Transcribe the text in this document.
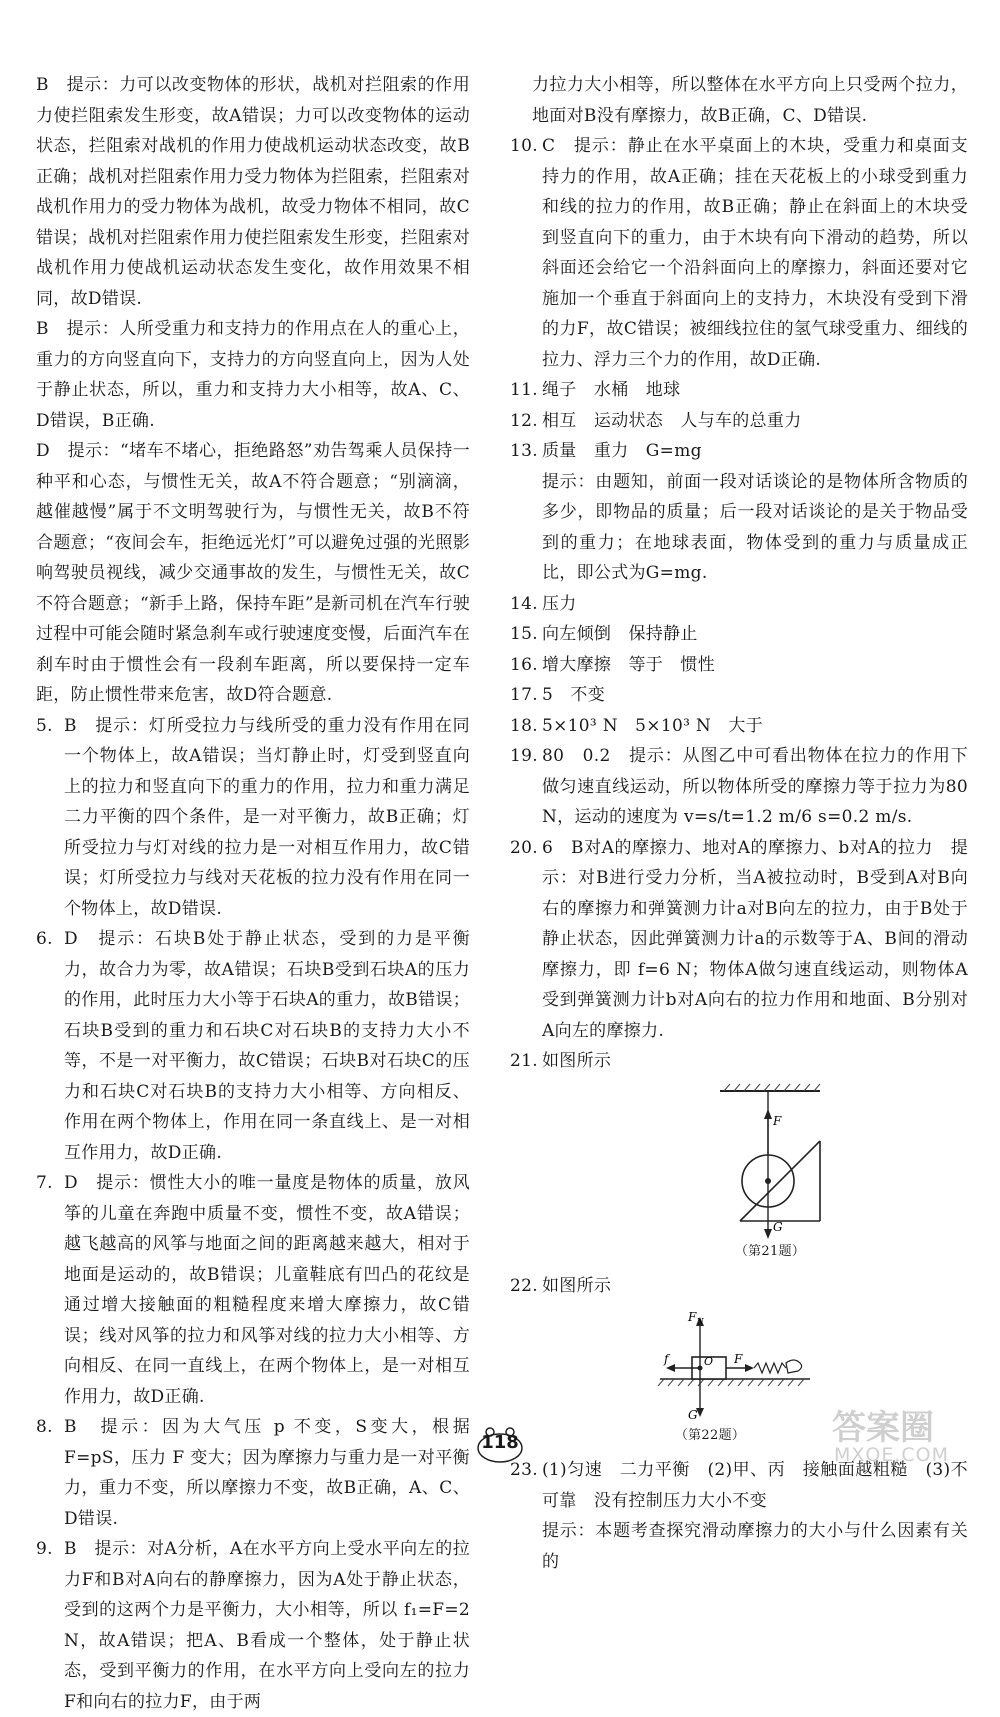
B　提示：力可以改变物体的形状，战机对拦阻索的作用力使拦阻索发生形变，故A错误；力可以改变物体的运动状态，拦阻索对战机的作用力使战机运动状态改变，故B正确；战机对拦阻索作用力受力物体为拦阻索，拦阻索对战机作用力的受力物体为战机，故受力物体不相同，故C错误；战机对拦阻索作用力使拦阻索发生形变，拦阻索对战机作用力使战机运动状态发生变化，故作用效果不相同，故D错误.
B　提示：人所受重力和支持力的作用点在人的重心上，重力的方向竖直向下，支持力的方向竖直向上，因为人处于静止状态，所以，重力和支持力大小相等，故A、C、D错误，B正确.
D　提示：“堵车不堵心，拒绝路怒”劝告驾乘人员保持一种平和心态，与惯性无关，故A不符合题意；“别滴滴，越催越慢”属于不文明驾驶行为，与惯性无关，故B不符合题意；“夜间会车，拒绝远光灯”可以避免过强的光照影响驾驶员视线，减少交通事故的发生，与惯性无关，故C不符合题意；“新手上路，保持车距”是新司机在汽车行驶过程中可能会随时紧急刹车或行驶速度变慢，后面汽车在刹车时由于惯性会有一段刹车距离，所以要保持一定车距，防止惯性带来危害，故D符合题意.
5. B　提示：灯所受拉力与线所受的重力没有作用在同一个物体上，故A错误；当灯静止时，灯受到竖直向上的拉力和竖直向下的重力的作用，拉力和重力满足二力平衡的四个条件，是一对平衡力，故B正确；灯所受拉力与灯对线的拉力是一对相互作用力，故C错误；灯所受拉力与线对天花板的拉力没有作用在同一个物体上，故D错误.
6. D　提示：石块B处于静止状态，受到的力是平衡力，故合力为零，故A错误；石块B受到石块A的压力的作用，此时压力大小等于石块A的重力，故B错误；石块B受到的重力和石块C对石块B的支持力大小不等，不是一对平衡力，故C错误；石块B对石块C的压力和石块C对石块B的支持力大小相等、方向相反、作用在两个物体上，作用在同一条直线上、是一对相互作用力，故D正确.
7. D　提示：惯性大小的唯一量度是物体的质量，放风筝的儿童在奔跑中质量不变，惯性不变，故A错误；越飞越高的风筝与地面之间的距离越来越大，相对于地面是运动的，故B错误；儿童鞋底有凹凸的花纹是通过增大接触面的粗糙程度来增大摩擦力，故C错误；线对风筝的拉力和风筝对线的拉力大小相等、方向相反、在同一直线上，在两个物体上，是一对相互作用力，故D正确.
8. B　提示：因为大气压 p 不变，S变大，根据 F=pS，压力 F 变大；因为摩擦力与重力是一对平衡力，重力不变，所以摩擦力不变，故B正确，A、C、D错误.
9. B　提示：对A分析，A在水平方向上受水平向左的拉力F和B对A向右的静摩擦力，因为A处于静止状态，受到的这两个力是平衡力，大小相等，所以 f₁=F=2 N，故A错误；把A、B看成一个整体，处于静止状态，受到平衡力的作用，在水平方向上受向左的拉力F和向右的拉力F，由于两
力拉力大小相等，所以整体在水平方向上只受两个拉力，地面对B没有摩擦力，故B正确，C、D错误.
10. C　提示：静止在水平桌面上的木块，受重力和桌面支持力的作用，故A正确；挂在天花板上的小球受到重力和线的拉力的作用，故B正确；静止在斜面上的木块受到竖直向下的重力，由于木块有向下滑动的趋势，所以斜面还会给它一个沿斜面向上的摩擦力，斜面还要对它施加一个垂直于斜面向上的支持力，木块没有受到下滑的力F，故C错误；被细线拉住的氢气球受重力、细线的拉力、浮力三个力的作用，故D正确.
11. 绳子　水桶　地球
12. 相互　运动状态　人与车的总重力
13. 质量　重力　G=mg
提示：由题知，前面一段对话谈论的是物体所含物质的多少，即物品的质量；后一段对话谈论的是关于物品受到的重力；在地球表面，物体受到的重力与质量成正比，即公式为G=mg.
14. 压力
15. 向左倾倒　保持静止
16. 增大摩擦　等于　惯性
17. 5　不变
18. 5×10³ N　5×10³ N　大于
19. 80　0.2　提示：从图乙中可看出物体在拉力的作用下做匀速直线运动，所以物体所受的摩擦力等于拉力为80 N，运动的速度为 v=s/t=1.2 m/6 s=0.2 m/s.
20. 6　B对A的摩擦力、地对A的摩擦力、b对A的拉力　提示：对B进行受力分析，当A被拉动时，B受到A对B向右的摩擦力和弹簧测力计a对B向左的拉力，由于B处于静止状态，因此弹簧测力计a的示数等于A、B间的滑动摩擦力，即 f=6 N；物体A做匀速直线运动，则物体A受到弹簧测力计b对A向右的拉力作用和地面、B分别对A向左的摩擦力.
21. 如图所示
F
G
（第21题）
22. 如图所示
$F_N$
f	O F
G
（第22题）
23. (1)匀速　二力平衡　(2)甲、丙　接触面越粗糙　(3)不可靠　没有控制压力大小不变
提示：本题考查探究滑动摩擦力的大小与什么因素有关的
118	答案圈
MXQE.COM
